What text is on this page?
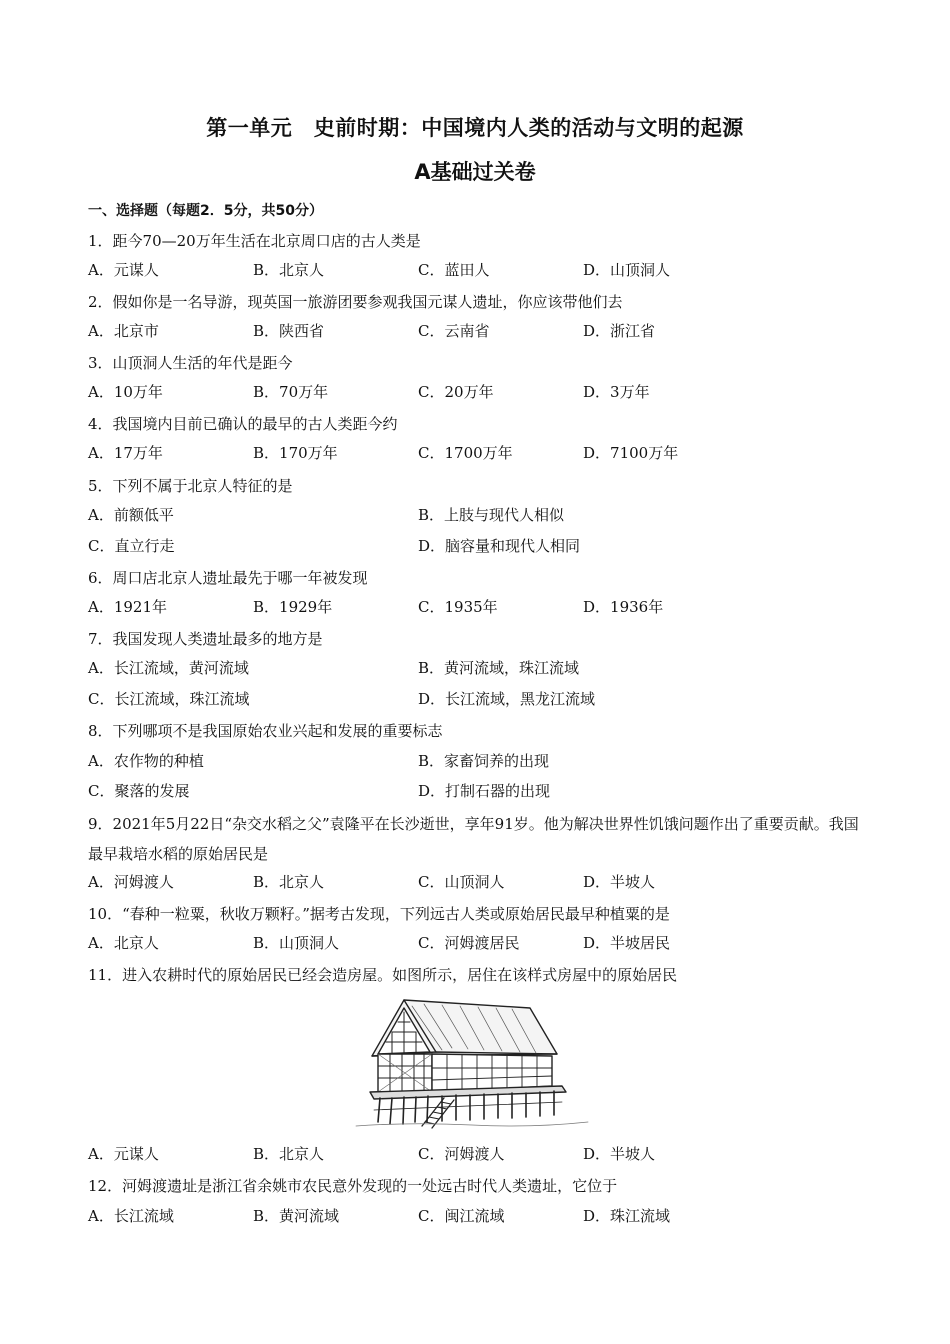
第一单元　史前时期：中国境内人类的活动与文明的起源
A基础过关卷
一、选择题（每题2．5分，共50分）
1．距今70—20万年生活在北京周口店的古人类是
A．元谋人	B．北京人	C．蓝田人	D．山顶洞人
2．假如你是一名导游，现英国一旅游团要参观我国元谋人遗址，你应该带他们去
A．北京市	B．陕西省	C．云南省	D．浙江省
3．山顶洞人生活的年代是距今
A．10万年	B．70万年	C．20万年	D．3万年
4．我国境内目前已确认的最早的古人类距今约
A．17万年	B．170万年	C．1700万年	D．7100万年
5．下列不属于北京人特征的是
A．前额低平	B．上肢与现代人相似
C．直立行走	D．脑容量和现代人相同
6．周口店北京人遗址最先于哪一年被发现
A．1921年	B．1929年	C．1935年	D．1936年
7．我国发现人类遗址最多的地方是
A．长江流域，黄河流域	B．黄河流域，珠江流域
C．长江流域，珠江流域	D．长江流域，黑龙江流域
8．下列哪项不是我国原始农业兴起和发展的重要标志
A．农作物的种植	B．家畜饲养的出现
C．聚落的发展	D．打制石器的出现
9．2021年5月22日“杂交水稻之父”袁隆平在长沙逝世，享年91岁。他为解决世界性饥饿问题作出了重要贡献。我国最早栽培水稻的原始居民是
A．河姆渡人	B．北京人	C．山顶洞人	D．半坡人
10．“春种一粒粟，秋收万颗籽。”据考古发现，下列远古人类或原始居民最早种植粟的是
A．北京人	B．山顶洞人	C．河姆渡居民	D．半坡居民
11．进入农耕时代的原始居民已经会造房屋。如图所示，居住在该样式房屋中的原始居民
A．元谋人	B．北京人	C．河姆渡人	D．半坡人
12．河姆渡遗址是浙江省余姚市农民意外发现的一处远古时代人类遗址，它位于
A．长江流域	B．黄河流域	C．闽江流域	D．珠江流域
